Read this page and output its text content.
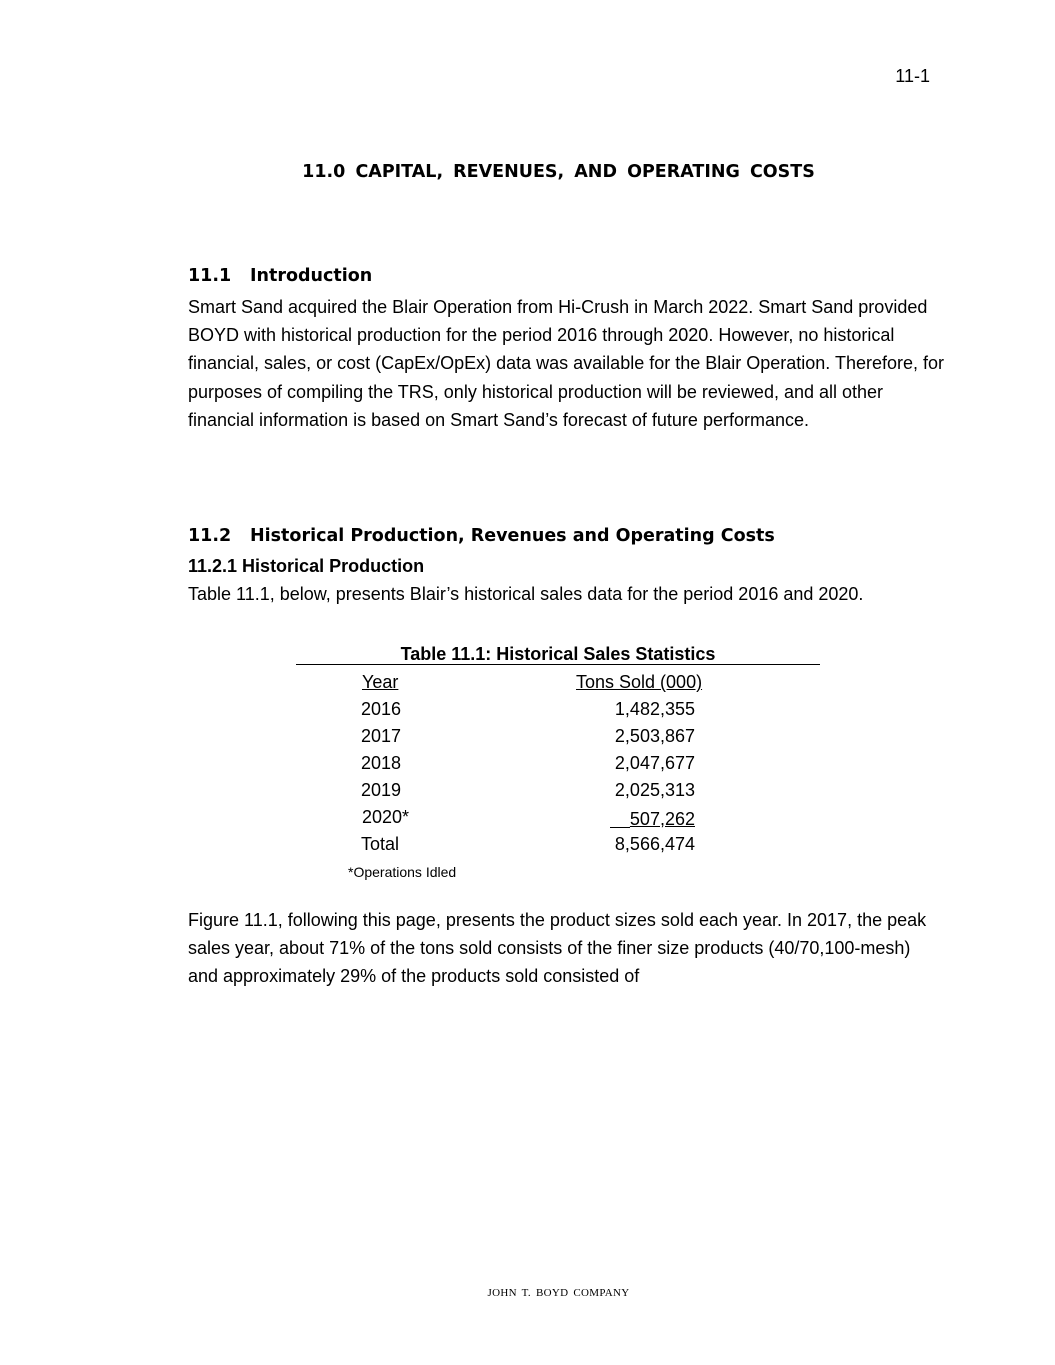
11-1
11.0 CAPITAL, REVENUES, AND OPERATING COSTS
11.1 Introduction

Smart Sand acquired the Blair Operation from Hi-Crush in March 2022. Smart Sand provided BOYD with historical production for the period 2016 through 2020. However, no historical financial, sales, or cost (CapEx/OpEx) data was available for the Blair Operation. Therefore, for purposes of compiling the TRS, only historical production will be reviewed, and all other financial information is based on Smart Sand’s forecast of future performance.

11.2 Historical Production, Revenues and Operating Costs
11.2.1 Historical Production
Table 11.1, below, presents Blair’s historical sales data for the period 2016 and 2020.
Table 11.1: Historical Sales Statistics
Year	Tons Sold (000)
2016	1,482,355
2017	2,503,867
2018	2,047,677
2019	2,025,313
2020*	507,262
Total	8,566,474
*Operations Idled

Figure 11.1, following this page, presents the product sizes sold each year. In 2017, the peak sales year, about 71% of the tons sold consists of the finer size products (40/70,100-mesh) and approximately 29% of the products sold consisted of

JOHN T. BOYD COMPANY
